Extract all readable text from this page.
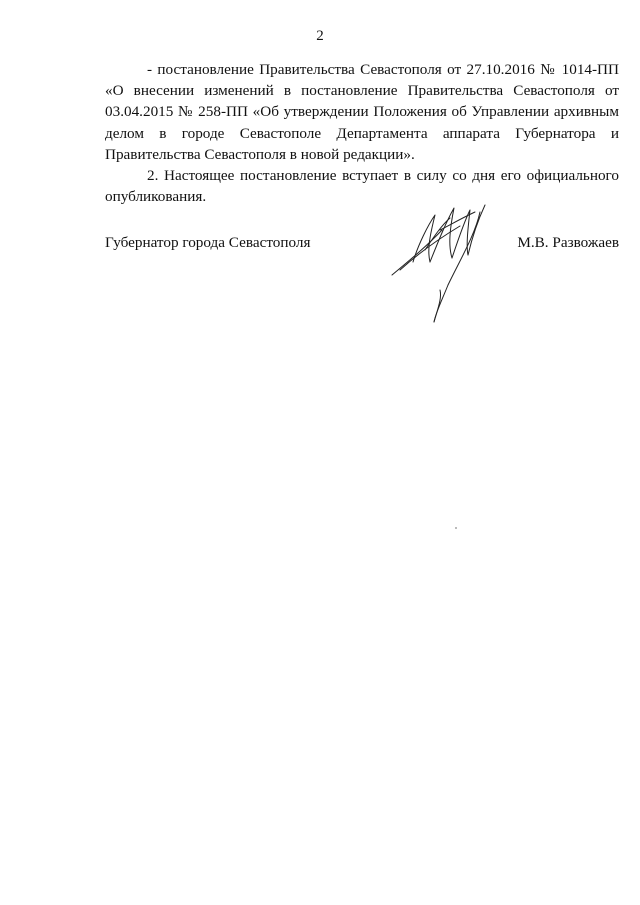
2

- постановление Правительства Севастополя от 27.10.2016 № 1014-ПП «О внесении изменений в постановление Правительства Севастополя от 03.04.2015 № 258-ПП «Об утверждении Положения об Управлении архивным делом в городе Севастополе Департамента аппарата Губернатора и Правительства Севастополя в новой редакции».

2. Настоящее постановление вступает в силу со дня его официального опубликования.

Губернатор города Севастополя	М.В. Развожаев
